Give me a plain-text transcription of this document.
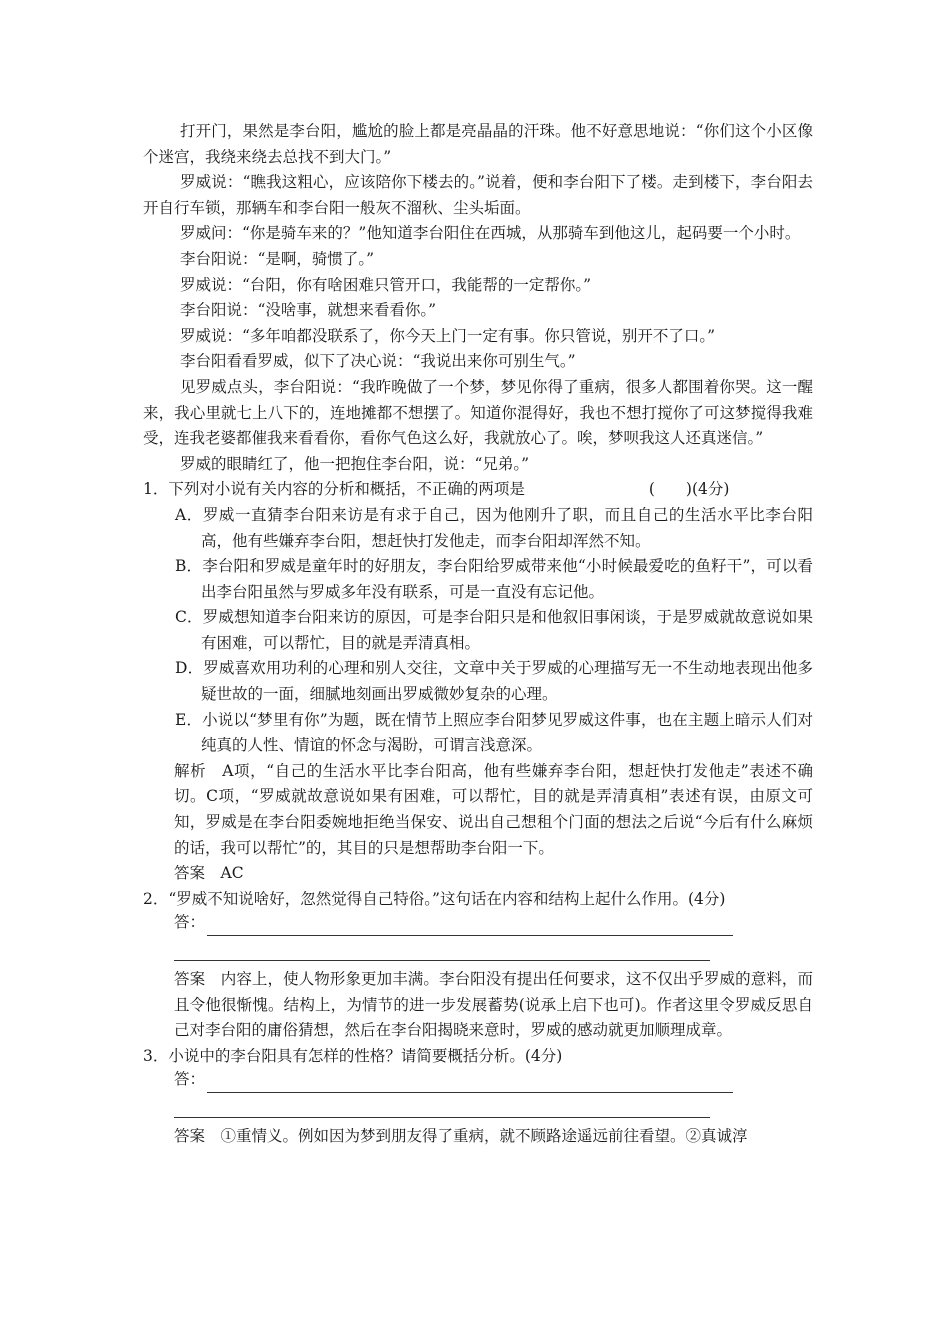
打开门，果然是李台阳，尴尬的脸上都是亮晶晶的汗珠。他不好意思地说：“你们这个小区像个迷宫，我绕来绕去总找不到大门。”

罗威说：“瞧我这粗心，应该陪你下楼去的。”说着，便和李台阳下了楼。走到楼下，李台阳去开自行车锁，那辆车和李台阳一般灰不溜秋、尘头垢面。

罗威问：“你是骑车来的？”他知道李台阳住在西城，从那骑车到他这儿，起码要一个小时。

李台阳说：“是啊，骑惯了。”

罗威说：“台阳，你有啥困难只管开口，我能帮的一定帮你。”

李台阳说：“没啥事，就想来看看你。”

罗威说：“多年咱都没联系了，你今天上门一定有事。你只管说，别开不了口。”

李台阳看看罗威，似下了决心说：“我说出来你可别生气。”

见罗威点头，李台阳说：“我昨晚做了一个梦，梦见你得了重病，很多人都围着你哭。这一醒来，我心里就七上八下的，连地摊都不想摆了。知道你混得好，我也不想打搅你了可这梦搅得我难受，连我老婆都催我来看看你，看你气色这么好，我就放心了。唉，梦呗我这人还真迷信。”

罗威的眼睛红了，他一把抱住李台阳，说：“兄弟。”

1．下列对小说有关内容的分析和概括，不正确的两项是　　　　　　　　(　　)(4分)

A．罗威一直猜李台阳来访是有求于自己，因为他刚升了职，而且自己的生活水平比李台阳高，他有些嫌弃李台阳，想赶快打发他走，而李台阳却浑然不知。

B．李台阳和罗威是童年时的好朋友，李台阳给罗威带来他“小时候最爱吃的鱼籽干”，可以看出李台阳虽然与罗威多年没有联系，可是一直没有忘记他。

C．罗威想知道李台阳来访的原因，可是李台阳只是和他叙旧事闲谈，于是罗威就故意说如果有困难，可以帮忙，目的就是弄清真相。

D．罗威喜欢用功利的心理和别人交往，文章中关于罗威的心理描写无一不生动地表现出他多疑世故的一面，细腻地刻画出罗威微妙复杂的心理。

E．小说以“梦里有你”为题，既在情节上照应李台阳梦见罗威这件事，也在主题上暗示人们对纯真的人性、情谊的怀念与渴盼，可谓言浅意深。

解析　A项，“自己的生活水平比李台阳高，他有些嫌弃李台阳，想赶快打发他走”表述不确切。C项，“罗威就故意说如果有困难，可以帮忙，目的就是弄清真相”表述有误，由原文可知，罗威是在李台阳委婉地拒绝当保安、说出自己想租个门面的想法之后说“今后有什么麻烦的话，我可以帮忙”的，其目的只是想帮助李台阳一下。

答案　AC

2．“罗威不知说啥好，忽然觉得自己特俗。”这句话在内容和结构上起什么作用。(4分)

答：

答案　内容上，使人物形象更加丰满。李台阳没有提出任何要求，这不仅出乎罗威的意料，而且令他很惭愧。结构上，为情节的进一步发展蓄势(说承上启下也可)。作者这里令罗威反思自己对李台阳的庸俗猜想，然后在李台阳揭晓来意时，罗威的感动就更加顺理成章。

3．小说中的李台阳具有怎样的性格？请简要概括分析。(4分)

答：

答案　①重情义。例如因为梦到朋友得了重病，就不顾路途遥远前往看望。②真诚淳
